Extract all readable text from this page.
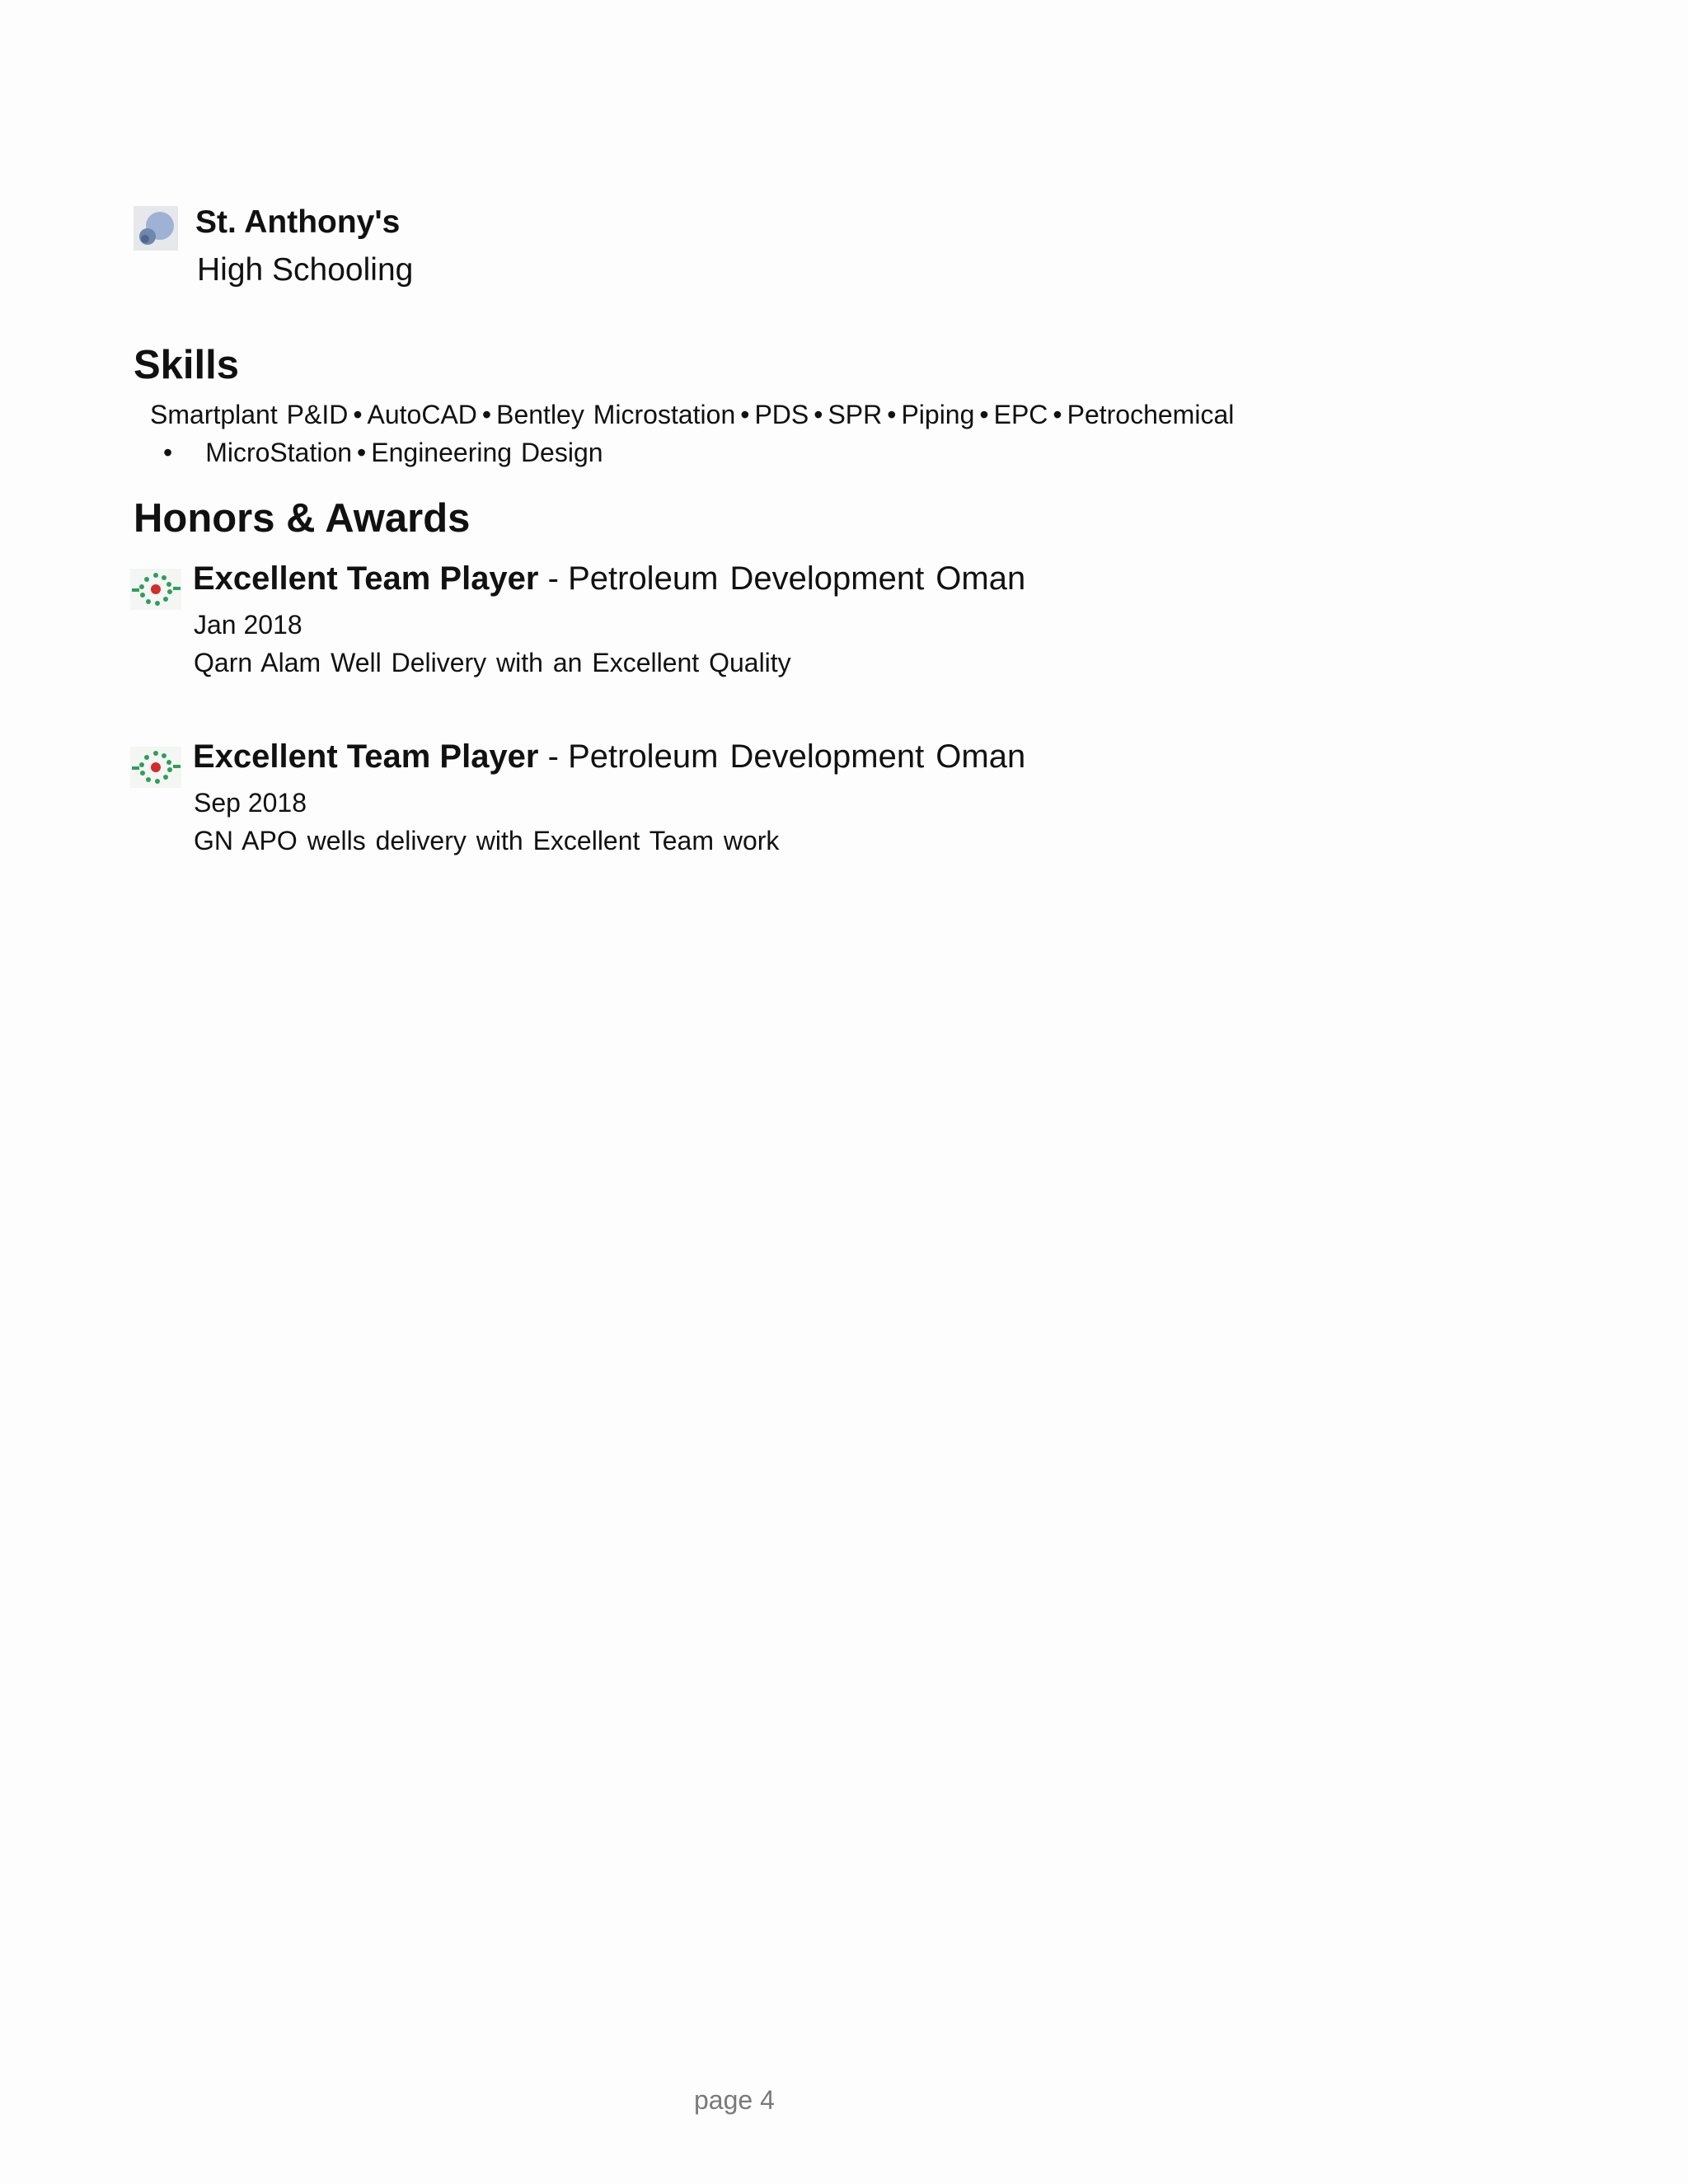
St. Anthony's
High Schooling
Skills
Smartplant P&ID • AutoCAD • Bentley Microstation • PDS • SPR • Piping • EPC • Petrochemical
• MicroStation • Engineering Design
Honors & Awards
Excellent Team Player - Petroleum Development Oman
Jan 2018
Qarn Alam Well Delivery with an Excellent Quality
Excellent Team Player - Petroleum Development Oman
Sep 2018
GN APO wells delivery with Excellent Team work
page 4
